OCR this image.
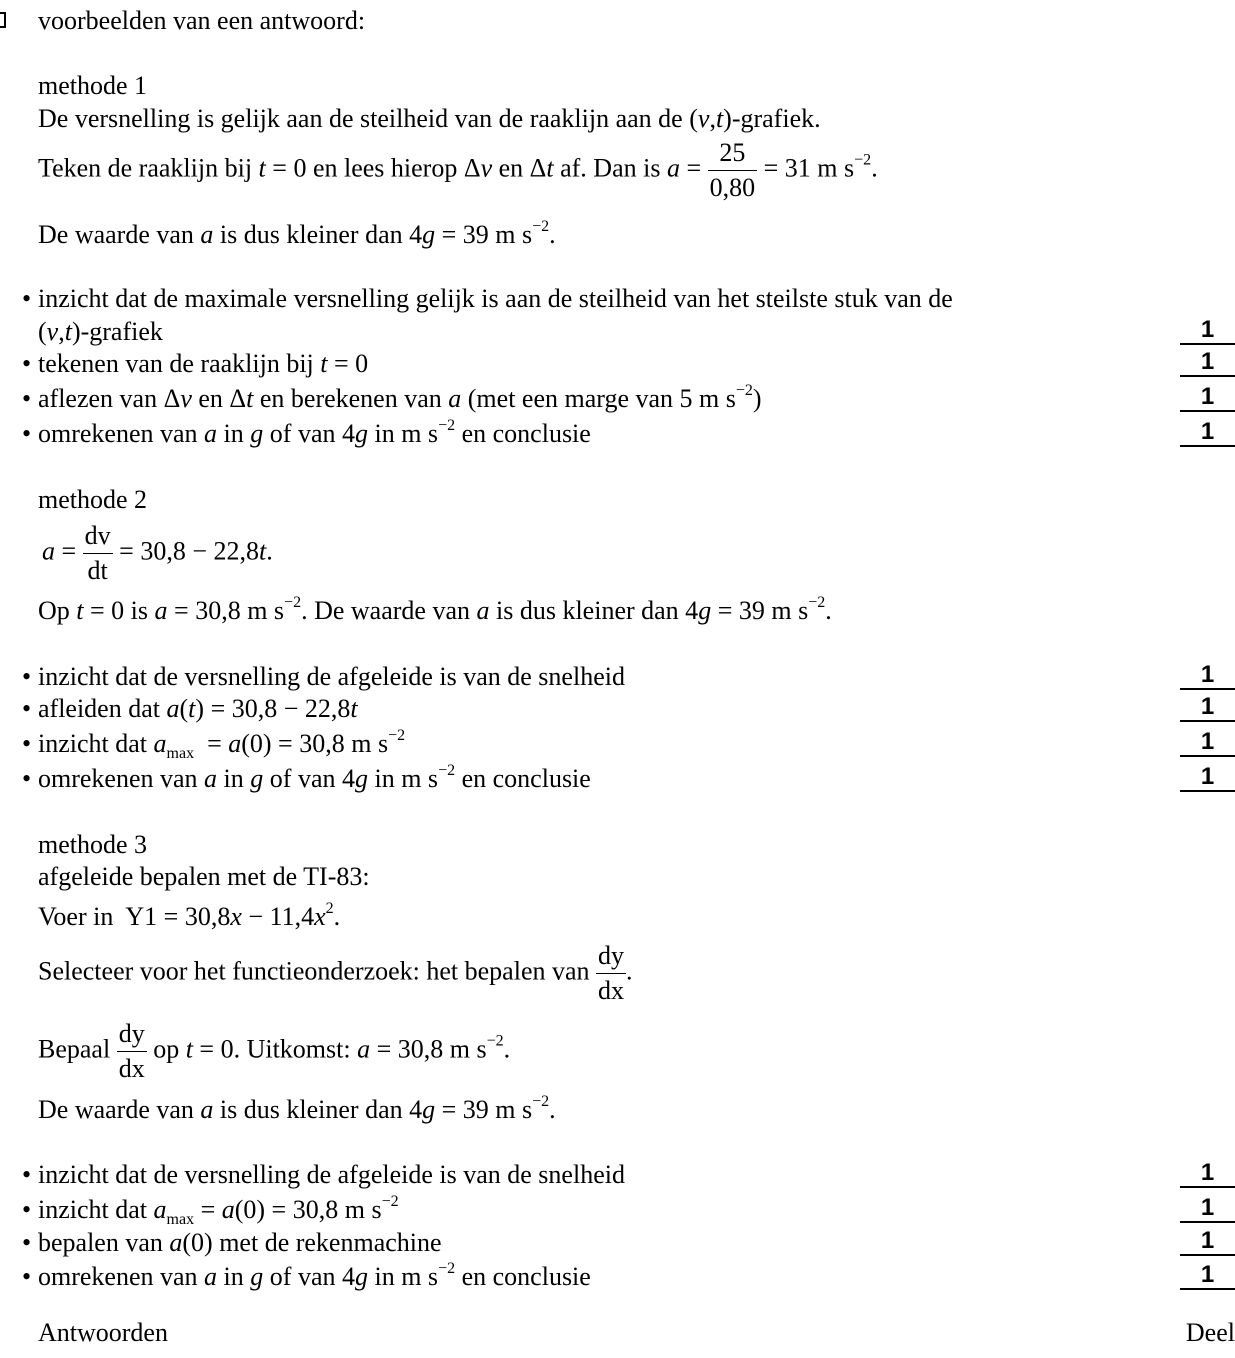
voorbeelden van een antwoord:
methode 1
De versnelling is gelijk aan de steilheid van de raaklijn aan de (v,t)-grafiek.
Teken de raaklijn bij t = 0 en lees hierop Δv en Δt af. Dan is $a = \frac{25}{0,80} = 31$ m $s^{-2}$.
De waarde van a is dus kleiner dan 4g = 39 m $s^{-2}$.
• inzicht dat de maximale versnelling gelijk is aan de steilheid van het steilste stuk van de
(v,t)-grafiek	1
• tekenen van de raaklijn bij t = 0	1
• aflezen van Δv en Δt en berekenen van a (met een marge van 5 m $s^{-2}$)	1
• omrekenen van a in g of van 4g in m $s^{-2}$ en conclusie	1
methode 2
$a = \frac{dv}{dt} = 30,8 - 22,8t$.
Op t = 0 is a = 30,8 m $s^{-2}$. De waarde van a is dus kleiner dan 4g = 39 m $s^{-2}$.
• inzicht dat de versnelling de afgeleide is van de snelheid	1
• afleiden dat a(t) = 30,8 − 22,8t	1
• inzicht dat $a_{max} = a(0) = 30,8$ m $s^{-2}$	1
• omrekenen van a in g of van 4g in m $s^{-2}$ en conclusie	1
methode 3
afgeleide bepalen met de TI-83:
Voer in  $Y1 = 30,8x - 11,4x^2$.
Selecteer voor het functieonderzoek: het bepalen van $\frac{dy}{dx}$ .
Bepaal $\frac{dy}{dx}$ op t = 0. Uitkomst: a = 30,8 m $s^{-2}$.
De waarde van a is dus kleiner dan 4g = 39 m $s^{-2}$.
• inzicht dat de versnelling de afgeleide is van de snelheid	1
• inzicht dat $a_{max} = a(0) = 30,8$ m $s^{-2}$	1
• bepalen van a(0) met de rekenmachine	1
• omrekenen van a in g of van 4g in m $s^{-2}$ en conclusie	1
Antwoorden	Deel
